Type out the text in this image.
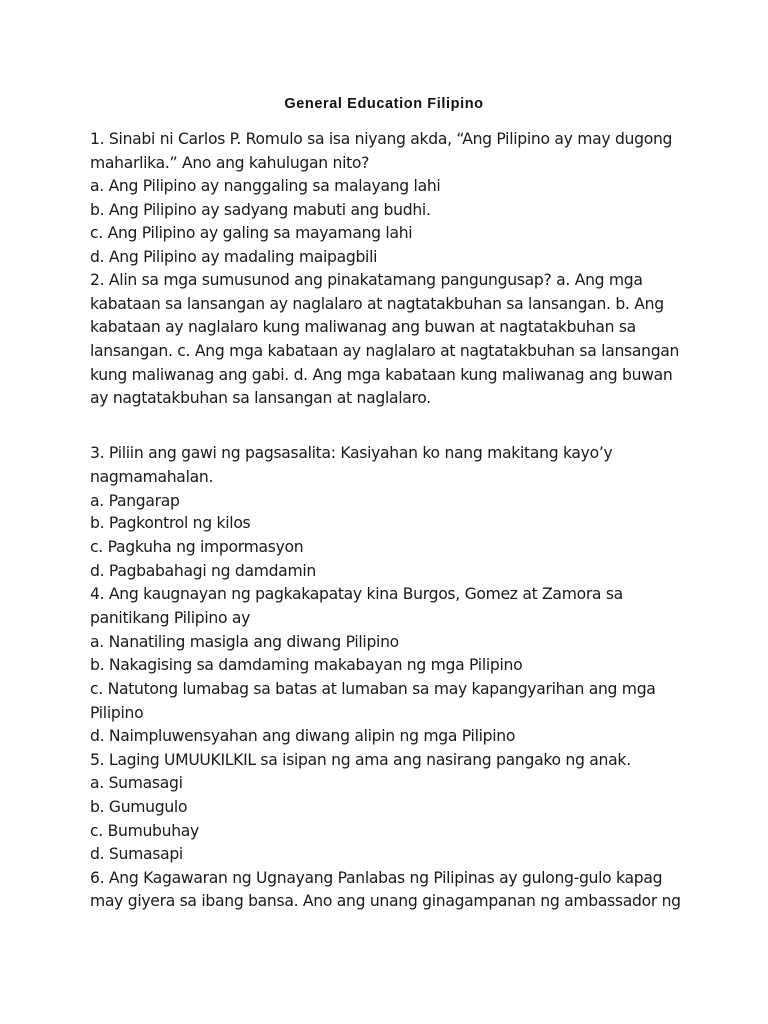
General Education Filipino
1. Sinabi ni Carlos P. Romulo sa isa niyang akda, “Ang Pilipino ay may dugong
maharlika.” Ano ang kahulugan nito?
a. Ang Pilipino ay nanggaling sa malayang lahi
b. Ang Pilipino ay sadyang mabuti ang budhi.
c. Ang Pilipino ay galing sa mayamang lahi
d. Ang Pilipino ay madaling maipagbili
2. Alin sa mga sumusunod ang pinakatamang pangungusap? a. Ang mga
kabataan sa lansangan ay naglalaro at nagtatakbuhan sa lansangan. b. Ang
kabataan ay naglalaro kung maliwanag ang buwan at nagtatakbuhan sa
lansangan. c. Ang mga kabataan ay naglalaro at nagtatakbuhan sa lansangan
kung maliwanag ang gabi. d. Ang mga kabataan kung maliwanag ang buwan
ay nagtatakbuhan sa lansangan at naglalaro.
3. Piliin ang gawi ng pagsasalita: Kasiyahan ko nang makitang kayo’y
nagmamahalan.
a. Pangarap
b. Pagkontrol ng kilos
c. Pagkuha ng impormasyon
d. Pagbabahagi ng damdamin
4. Ang kaugnayan ng pagkakapatay kina Burgos, Gomez at Zamora sa
panitikang Pilipino ay
a. Nanatiling masigla ang diwang Pilipino
b. Nakagising sa damdaming makabayan ng mga Pilipino
c. Natutong lumabag sa batas at lumaban sa may kapangyarihan ang mga
Pilipino
d. Naimpluwensyahan ang diwang alipin ng mga Pilipino
5. Laging UMUUKILKIL sa isipan ng ama ang nasirang pangako ng anak.
a. Sumasagi
b. Gumugulo
c. Bumubuhay
d. Sumasapi
6. Ang Kagawaran ng Ugnayang Panlabas ng Pilipinas ay gulong-gulo kapag
may giyera sa ibang bansa. Ano ang unang ginagampanan ng ambassador ng
